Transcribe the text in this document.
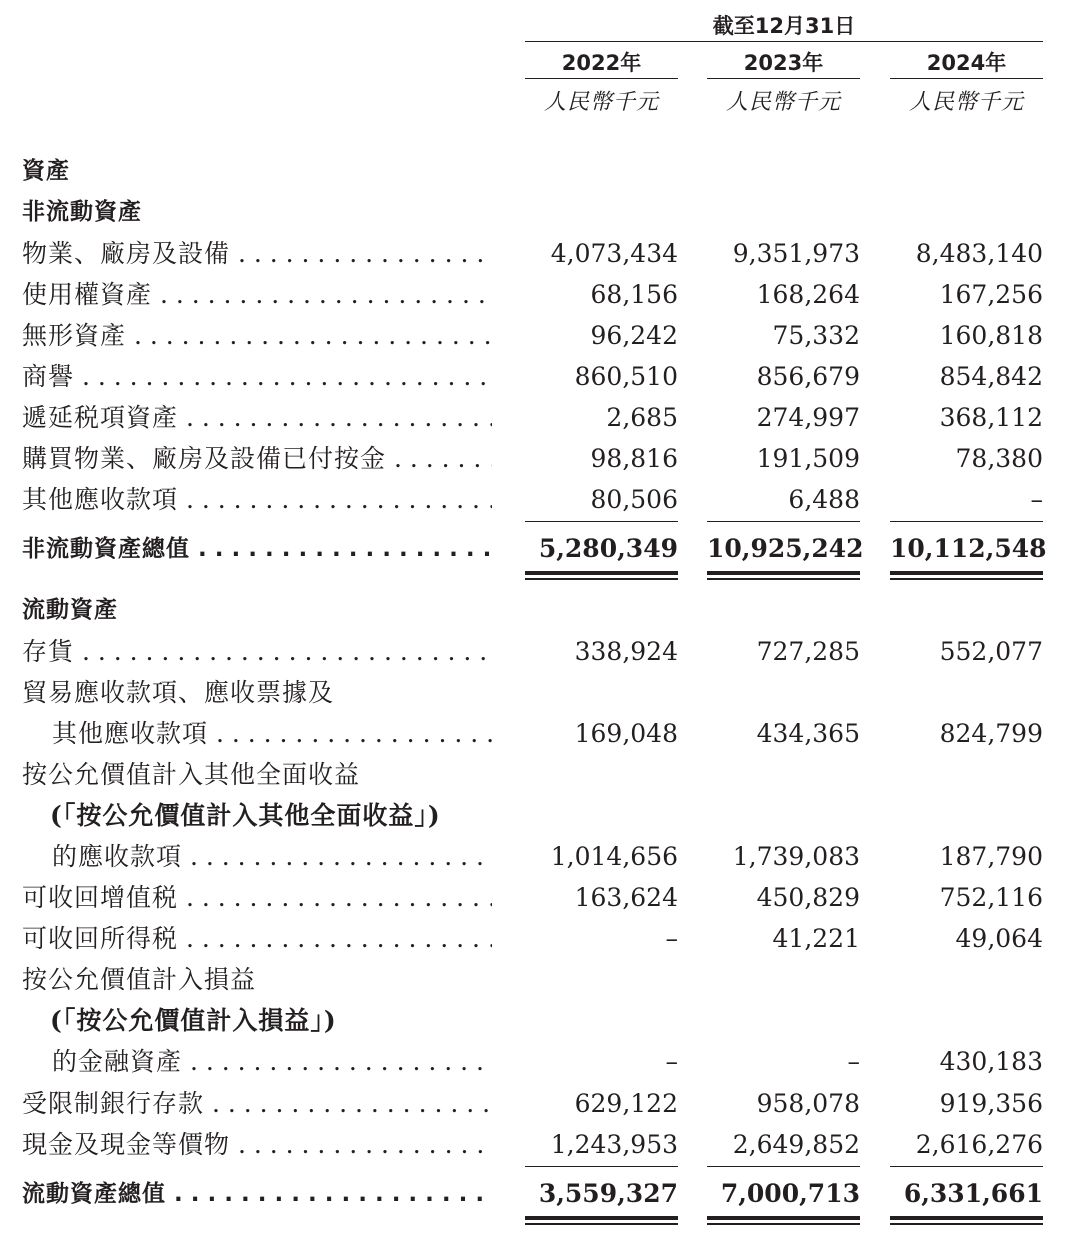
截至12月31日
2022年
人民幣千元
2023年
人民幣千元
2024年
人民幣千元
資產
非流動資產
物業、廠房及設備 . . .	4,073,434	9,351,973	8,483,140
使用權資產 . . .	68,156	168,264	167,256
無形資產 . . .	96,242	75,332	160,818
商譽 . . .	860,510	856,679	854,842
遞延税項資產 . . .	2,685	274,997	368,112
購買物業、廠房及設備已付按金 . . .	98,816	191,509	78,380
其他應收款項 . . .	80,506	6,488	–
非流動資產總值 . . .	5,280,349 10,925,242 10,112,548
流動資產
存貨 . . .	338,924	727,285	552,077
貿易應收款項、應收票據及
其他應收款項 . . .	169,048	434,365	824,799
按公允價值計入其他全面收益
(「按公允價值計入其他全面收益」)
的應收款項 . . .	1,014,656	1,739,083	187,790
可收回增值税 . . .	163,624	450,829	752,116
可收回所得税 . . .	–	41,221	49,064
按公允價值計入損益
(「按公允價值計入損益」)
的金融資產 . . .	–	–	430,183
受限制銀行存款 . . .	629,122	958,078	919,356
現金及現金等價物 . . .	1,243,953	2,649,852	2,616,276
流動資產總值 . . .	3,559,327	7,000,713	6,331,661
